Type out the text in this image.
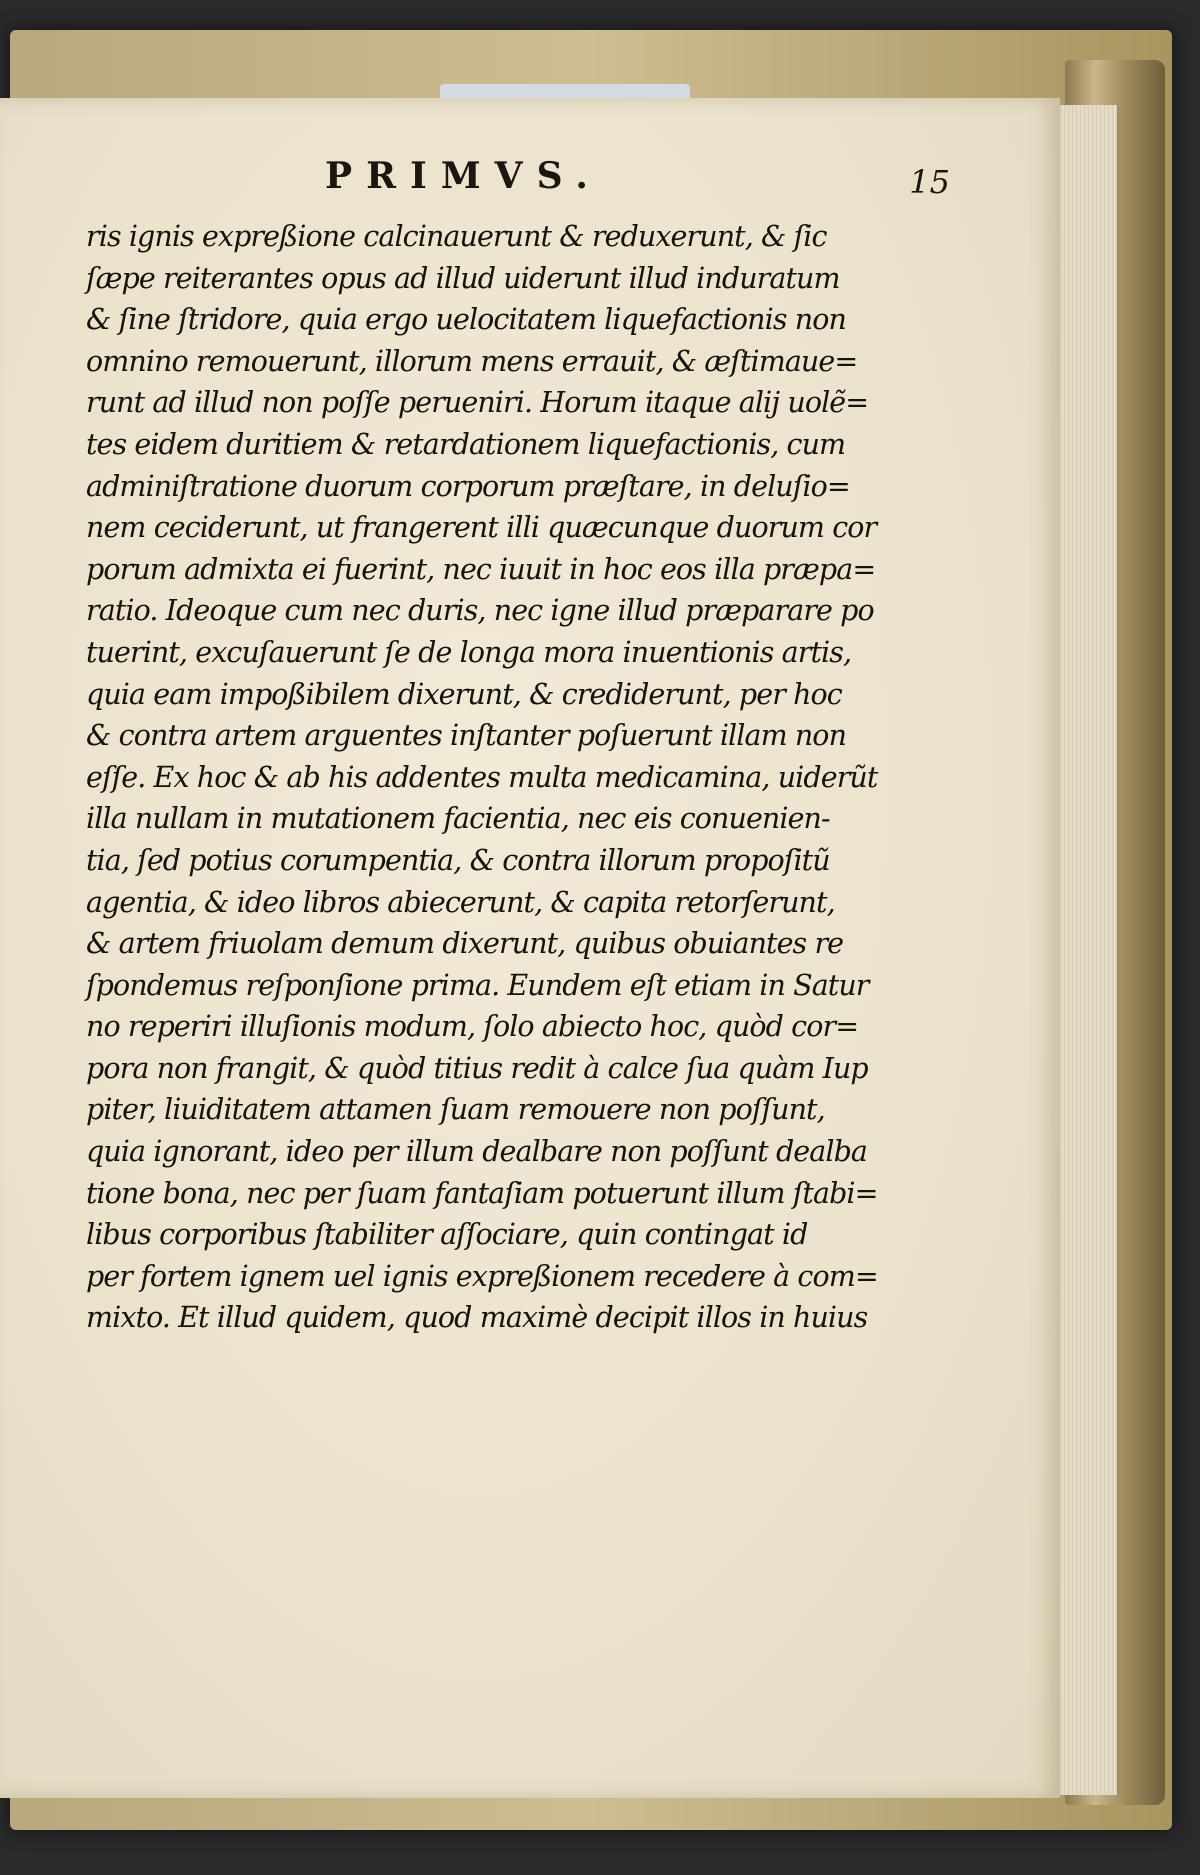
PRIMVS.	15
ris ignis expreßione calcinauerunt & reduxerunt, & ſic
ſæpe reiterantes opus ad illud uiderunt illud induratum
& ſine ſtridore, quia ergo uelocitatem liquefactionis non
omnino remouerunt, illorum mens errauit, & æſtimaue=
runt ad illud non poſſe perueniri. Horum itaque alij uolẽ=
tes eidem duritiem & retardationem liquefactionis, cum
adminiſtratione duorum corporum præſtare, in deluſio=
nem ceciderunt, ut frangerent illi quæcunque duorum cor
porum admixta ei fuerint, nec iuuit in hoc eos illa præpa=
ratio. Ideoque cum nec duris, nec igne illud præparare po
tuerint, excuſauerunt ſe de longa mora inuentionis artis,
quia eam impoßibilem dixerunt, & crediderunt, per hoc
& contra artem arguentes inſtanter poſuerunt illam non
eſſe. Ex hoc & ab his addentes multa medicamina, uiderũt
illa nullam in mutationem facientia, nec eis conuenien-
tia, ſed potius corumpentia, & contra illorum propoſitũ
agentia, & ideo libros abiecerunt, & capita retorſerunt,
& artem friuolam demum dixerunt, quibus obuiantes re
ſpondemus reſponſione prima. Eundem eſt etiam in Satur
no reperiri illuſionis modum, ſolo abiecto hoc, quòd cor=
pora non frangit, & quòd titius redit à calce ſua quàm Iup
piter, liuiditatem attamen ſuam remouere non poſſunt,
quia ignorant, ideo per illum dealbare non poſſunt dealba
tione bona, nec per ſuam fantaſiam potuerunt illum ſtabi=
libus corporibus ſtabiliter aſſociare, quin contingat id
per fortem ignem uel ignis expreßionem recedere à com=
mixto. Et illud quidem, quod maximè decipit illos in huius
